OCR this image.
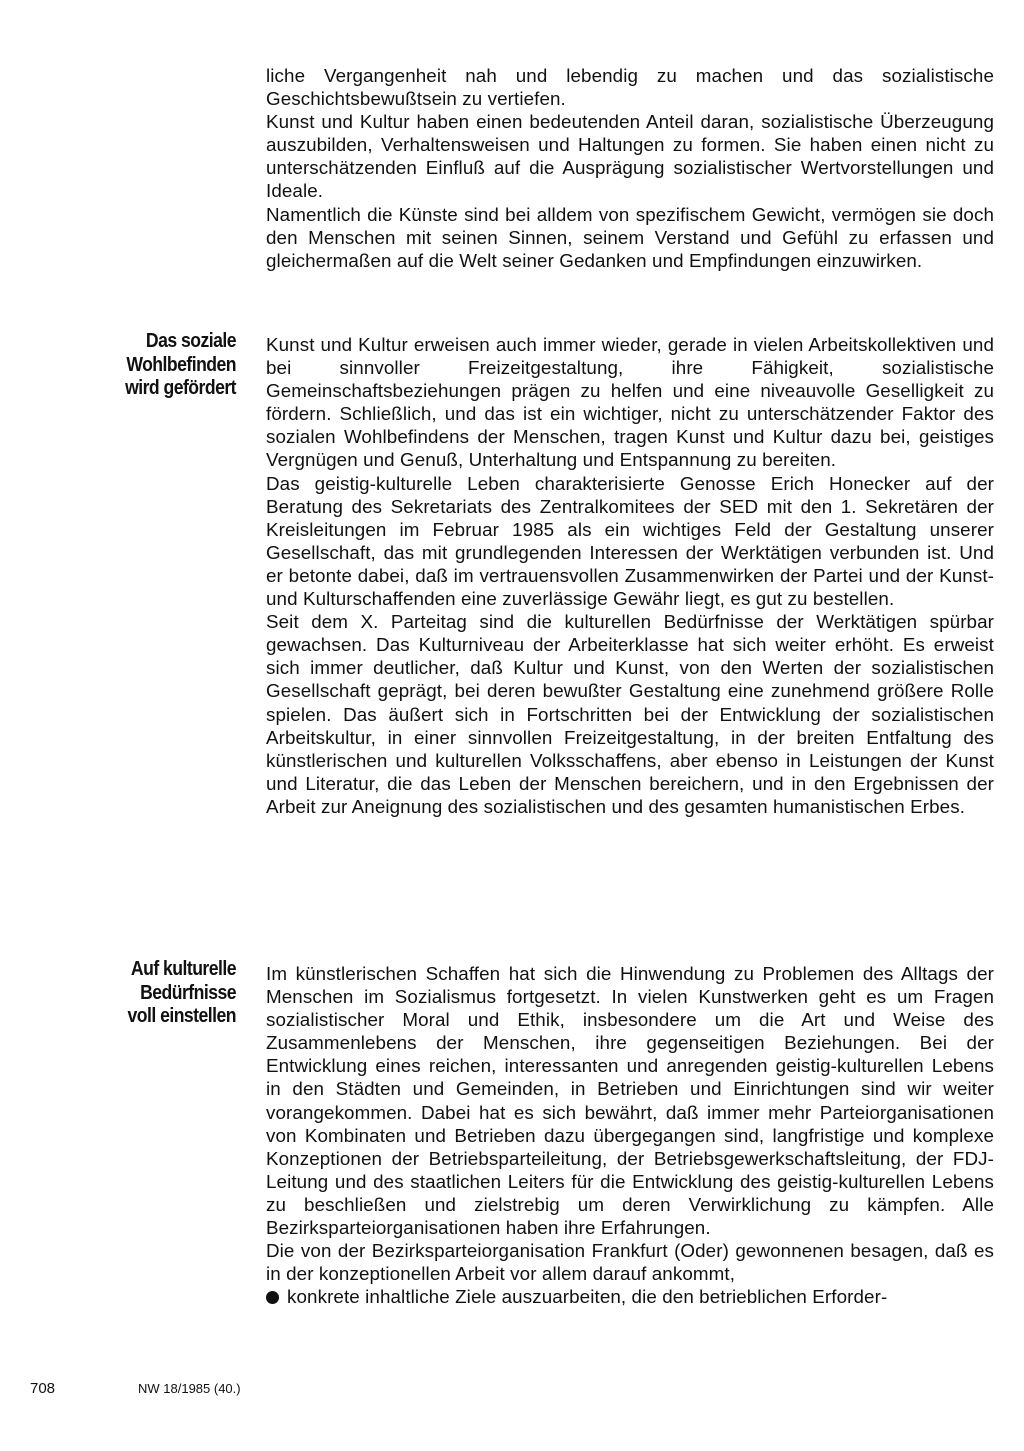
liche Vergangenheit nah und lebendig zu machen und das sozialistische Geschichtsbewußtsein zu vertiefen.

Kunst und Kultur haben einen bedeutenden Anteil daran, sozialistische Überzeugung auszubilden, Verhaltensweisen und Haltungen zu formen. Sie haben einen nicht zu unterschätzenden Einfluß auf die Ausprägung sozialistischer Wertvorstellungen und Ideale.

Namentlich die Künste sind bei alldem von spezifischem Gewicht, vermögen sie doch den Menschen mit seinen Sinnen, seinem Verstand und Gefühl zu erfassen und gleichermaßen auf die Welt seiner Gedanken und Empfindungen einzuwirken.

Das soziale
Wohlbefinden
wird gefördert

Kunst und Kultur erweisen auch immer wieder, gerade in vielen Arbeitskollektiven und bei sinnvoller Freizeitgestaltung, ihre Fähigkeit, sozialistische Gemeinschaftsbeziehungen prägen zu helfen und eine niveauvolle Geselligkeit zu fördern. Schließlich, und das ist ein wichtiger, nicht zu unterschätzender Faktor des sozialen Wohlbefindens der Menschen, tragen Kunst und Kultur dazu bei, geistiges Vergnügen und Genuß, Unterhaltung und Entspannung zu bereiten.

Das geistig-kulturelle Leben charakterisierte Genosse Erich Honecker auf der Beratung des Sekretariats des Zentralkomitees der SED mit den 1. Sekretären der Kreisleitungen im Februar 1985 als ein wichtiges Feld der Gestaltung unserer Gesellschaft, das mit grundlegenden Interessen der Werktätigen verbunden ist. Und er betonte dabei, daß im vertrauensvollen Zusammenwirken der Partei und der Kunst- und Kulturschaffenden eine zuverlässige Gewähr liegt, es gut zu bestellen.

Seit dem X. Parteitag sind die kulturellen Bedürfnisse der Werktätigen spürbar gewachsen. Das Kulturniveau der Arbeiterklasse hat sich weiter erhöht. Es erweist sich immer deutlicher, daß Kultur und Kunst, von den Werten der sozialistischen Gesellschaft geprägt, bei deren bewußter Gestaltung eine zunehmend größere Rolle spielen. Das äußert sich in Fortschritten bei der Entwicklung der sozialistischen Arbeitskultur, in einer sinnvollen Freizeitgestaltung, in der breiten Entfaltung des künstlerischen und kulturellen Volksschaffens, aber ebenso in Leistungen der Kunst und Literatur, die das Leben der Menschen bereichern, und in den Ergebnissen der Arbeit zur Aneignung des sozialistischen und des gesamten humanistischen Erbes.

Auf kulturelle
Bedürfnisse
voll einstellen

Im künstlerischen Schaffen hat sich die Hinwendung zu Problemen des Alltags der Menschen im Sozialismus fortgesetzt. In vielen Kunstwerken geht es um Fragen sozialistischer Moral und Ethik, insbesondere um die Art und Weise des Zusammenlebens der Menschen, ihre gegenseitigen Beziehungen. Bei der Entwicklung eines reichen, interessanten und anregenden geistig-kulturellen Lebens in den Städten und Gemeinden, in Betrieben und Einrichtungen sind wir weiter vorangekommen. Dabei hat es sich bewährt, daß immer mehr Parteiorganisationen von Kombinaten und Betrieben dazu übergegangen sind, langfristige und komplexe Konzeptionen der Betriebsparteileitung, der Betriebsgewerkschaftsleitung, der FDJ-Leitung und des staatlichen Leiters für die Entwicklung des geistig-kulturellen Lebens zu beschließen und zielstrebig um deren Verwirklichung zu kämpfen. Alle Bezirksparteiorganisationen haben ihre Erfahrungen.

Die von der Bezirksparteiorganisation Frankfurt (Oder) gewonnenen besagen, daß es in der konzeptionellen Arbeit vor allem darauf ankommt,

konkrete inhaltliche Ziele auszuarbeiten, die den betrieblichen Erforder-
708	NW 18/1985 (40.)
